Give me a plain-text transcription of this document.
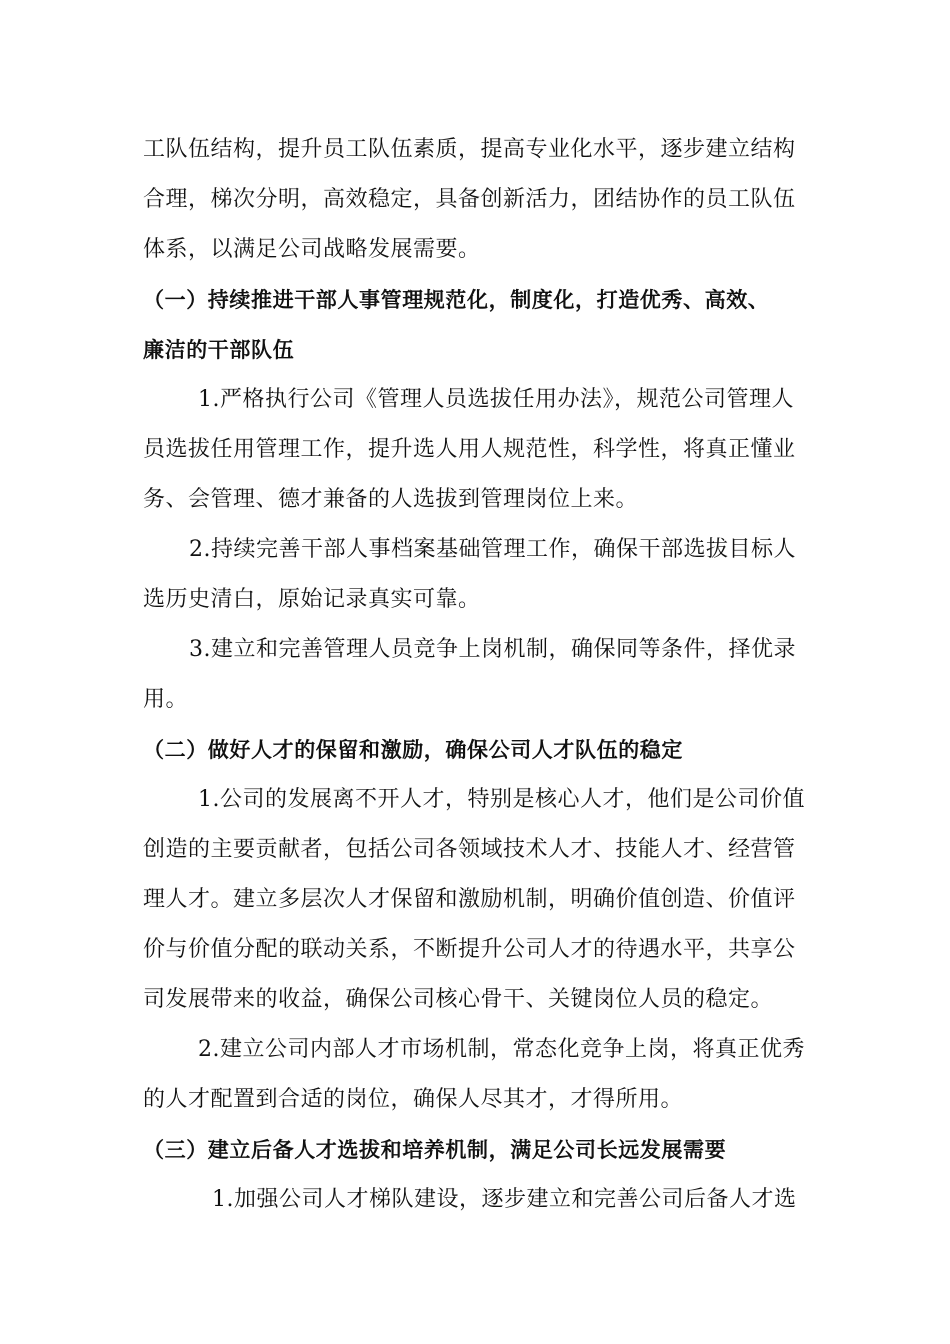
工队伍结构，提升员工队伍素质，提高专业化水平，逐步建立结构
合理，梯次分明，高效稳定，具备创新活力，团结协作的员工队伍
体系，以满足公司战略发展需要。
（一）持续推进干部人事管理规范化，制度化，打造优秀、高效、
廉洁的干部队伍
1.严格执行公司《管理人员选拔任用办法》，规范公司管理人
员选拔任用管理工作，提升选人用人规范性，科学性，将真正懂业
务、会管理、德才兼备的人选拔到管理岗位上来。
2.持续完善干部人事档案基础管理工作，确保干部选拔目标人
选历史清白，原始记录真实可靠。
3.建立和完善管理人员竞争上岗机制，确保同等条件，择优录
用。
（二）做好人才的保留和激励，确保公司人才队伍的稳定
1.公司的发展离不开人才，特别是核心人才，他们是公司价值
创造的主要贡献者，包括公司各领域技术人才、技能人才、经营管
理人才。建立多层次人才保留和激励机制，明确价值创造、价值评
价与价值分配的联动关系，不断提升公司人才的待遇水平，共享公
司发展带来的收益，确保公司核心骨干、关键岗位人员的稳定。
2.建立公司内部人才市场机制，常态化竞争上岗，将真正优秀
的人才配置到合适的岗位，确保人尽其才，才得所用。
（三）建立后备人才选拔和培养机制，满足公司长远发展需要
1.加强公司人才梯队建设，逐步建立和完善公司后备人才选
